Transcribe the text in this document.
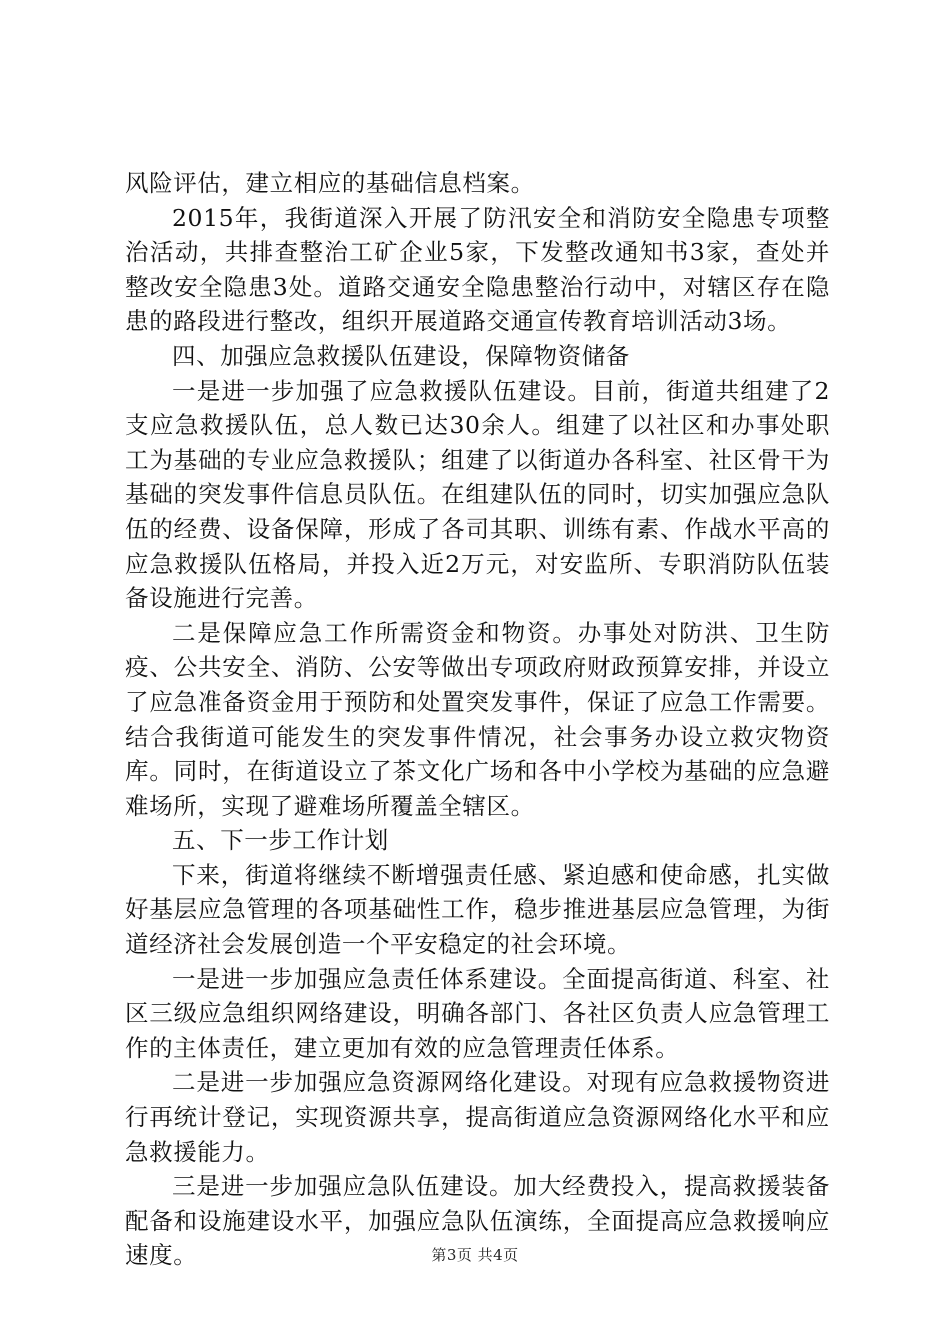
风险评估，建立相应的基础信息档案。

2015年，我街道深入开展了防汛安全和消防安全隐患专项整治活动，共排查整治工矿企业5家，下发整改通知书3家，查处并整改安全隐患3处。道路交通安全隐患整治行动中，对辖区存在隐患的路段进行整改，组织开展道路交通宣传教育培训活动3场。

四、加强应急救援队伍建设，保障物资储备

一是进一步加强了应急救援队伍建设。目前，街道共组建了2支应急救援队伍，总人数已达30余人。组建了以社区和办事处职工为基础的专业应急救援队；组建了以街道办各科室、社区骨干为基础的突发事件信息员队伍。在组建队伍的同时，切实加强应急队伍的经费、设备保障，形成了各司其职、训练有素、作战水平高的应急救援队伍格局，并投入近2万元，对安监所、专职消防队伍装备设施进行完善。

二是保障应急工作所需资金和物资。办事处对防洪、卫生防疫、公共安全、消防、公安等做出专项政府财政预算安排，并设立了应急准备资金用于预防和处置突发事件，保证了应急工作需要。结合我街道可能发生的突发事件情况，社会事务办设立救灾物资库。同时，在街道设立了茶文化广场和各中小学校为基础的应急避难场所，实现了避难场所覆盖全辖区。

五、下一步工作计划

下来，街道将继续不断增强责任感、紧迫感和使命感，扎实做好基层应急管理的各项基础性工作，稳步推进基层应急管理，为街道经济社会发展创造一个平安稳定的社会环境。

一是进一步加强应急责任体系建设。全面提高街道、科室、社区三级应急组织网络建设，明确各部门、各社区负责人应急管理工作的主体责任，建立更加有效的应急管理责任体系。

二是进一步加强应急资源网络化建设。对现有应急救援物资进行再统计登记，实现资源共享，提高街道应急资源网络化水平和应急救援能力。

三是进一步加强应急队伍建设。加大经费投入，提高救援装备配备和设施建设水平，加强应急队伍演练，全面提高应急救援响应速度。	第3页 共4页
